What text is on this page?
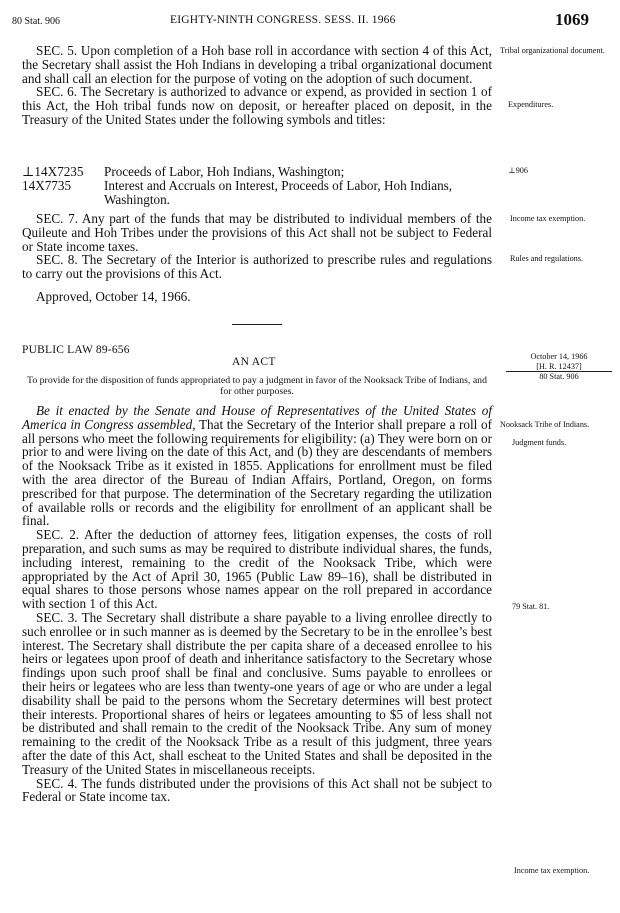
80 Stat. 906	EIGHTY-NINTH CONGRESS. SESS. II. 1966	1069

SEC. 5. Upon completion of a Hoh base roll in accordance with section 4 of this Act, the Secretary shall assist the Hoh Indians in developing a tribal organizational document and shall call an election for the purpose of voting on the adoption of such document.

SEC. 6. The Secretary is authorized to advance or expend, as provided in section 1 of this Act, the Hoh tribal funds now on deposit, or hereafter placed on deposit, in the Treasury of the United States under the following symbols and titles:

⊥14X7235 Proceeds of Labor, Hoh Indians, Washington;
14X7735 Interest and Accruals on Interest, Proceeds of Labor, Hoh Indians, Washington.

SEC. 7. Any part of the funds that may be distributed to individual members of the Quileute and Hoh Tribes under the provisions of this Act shall not be subject to Federal or State income taxes.

SEC. 8. The Secretary of the Interior is authorized to prescribe rules and regulations to carry out the provisions of this Act.

Approved, October 14, 1966.

Tribal organizational document.
Expenditures.
⊥906
Income tax exemption.
Rules and regulations.
PUBLIC LAW 89-656
AN ACT
To provide for the disposition of funds appropriated to pay a judgment in favor of the Nooksack Tribe of Indians, and for other purposes.
October 14, 1966
[H. R. 12437]
80 Stat. 906

Be it enacted by the Senate and House of Representatives of the United States of America in Congress assembled, That the Secretary of the Interior shall prepare a roll of all persons who meet the following requirements for eligibility: (a) They were born on or prior to and were living on the date of this Act, and (b) they are descendants of members of the Nooksack Tribe as it existed in 1855. Applications for enrollment must be filed with the area director of the Bureau of Indian Affairs, Portland, Oregon, on forms prescribed for that purpose. The determination of the Secretary regarding the utilization of available rolls or records and the eligibility for enrollment of an applicant shall be final.

SEC. 2. After the deduction of attorney fees, litigation expenses, the costs of roll preparation, and such sums as may be required to distribute individual shares, the funds, including interest, remaining to the credit of the Nooksack Tribe, which were appropriated by the Act of April 30, 1965 (Public Law 89–16), shall be distributed in equal shares to those persons whose names appear on the roll prepared in accordance with section 1 of this Act.

SEC. 3. The Secretary shall distribute a share payable to a living enrollee directly to such enrollee or in such manner as is deemed by the Secretary to be in the enrollee’s best interest. The Secretary shall distribute the per capita share of a deceased enrollee to his heirs or legatees upon proof of death and inheritance satisfactory to the Secretary whose findings upon such proof shall be final and conclusive. Sums payable to enrollees or their heirs or legatees who are less than twenty-one years of age or who are under a legal disability shall be paid to the persons whom the Secretary determines will best protect their interests. Proportional shares of heirs or legatees amounting to $5 of less shall not be distributed and shall remain to the credit of the Nooksack Tribe. Any sum of money remaining to the credit of the Nooksack Tribe as a result of this judgment, three years after the date of this Act, shall escheat to the United States and shall be deposited in the Treasury of the United States in miscellaneous receipts.

SEC. 4. The funds distributed under the provisions of this Act shall not be subject to Federal or State income tax.

Nooksack Tribe of Indians.
Judgment funds.
79 Stat. 81.
Income tax exemption.
